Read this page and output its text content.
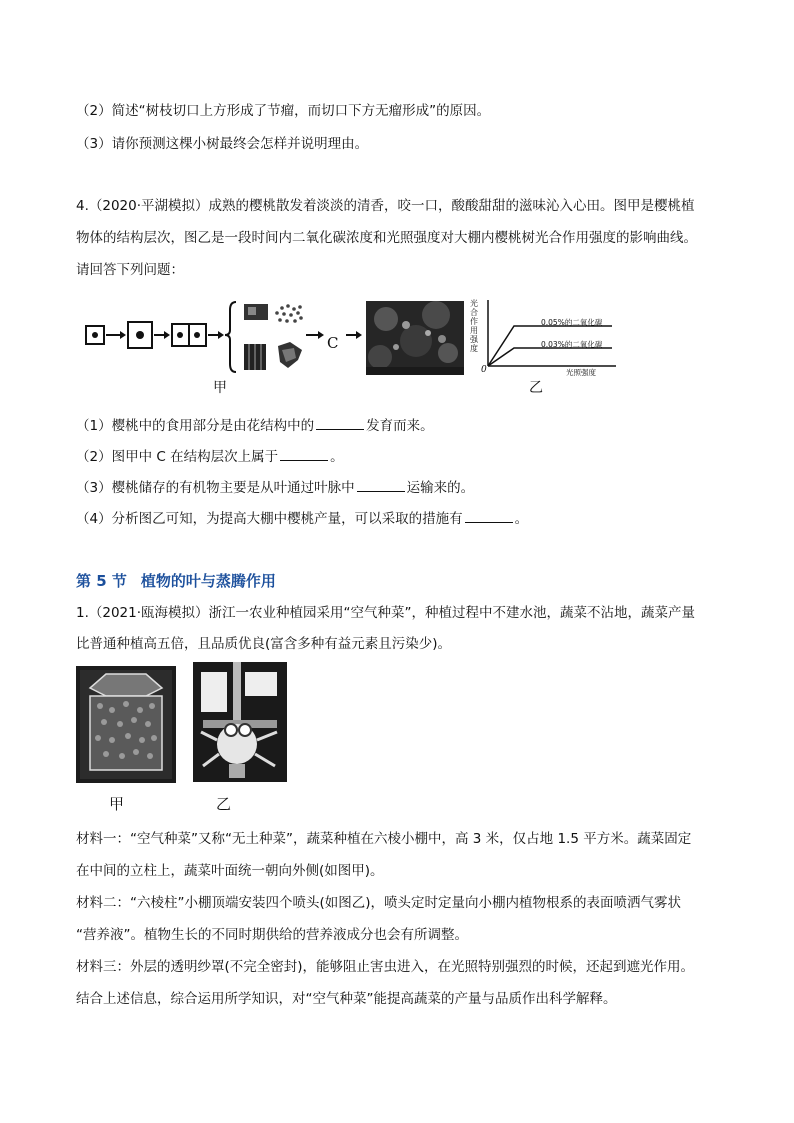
（2）简述“树枝切口上方形成了节瘤，而切口下方无瘤形成”的原因。
（3）请你预测这棵小树最终会怎样并说明理由。
4.（2020·平湖模拟）成熟的樱桃散发着淡淡的清香，咬一口，酸酸甜甜的滋味沁入心田。图甲是樱桃植
物体的结构层次，图乙是一段时间内二氧化碳浓度和光照强度对大棚内樱桃树光合作用强度的影响曲线。
请回答下列问题：
C
光合作用强度
0.05%的二氧化碳
0.03%的二氧化碳
0	光照强度
甲	乙
（1）樱桃中的食用部分是由花结构中的	发育而来。
（2）图甲中 C 在结构层次上属于	。
（3）樱桃储存的有机物主要是从叶通过叶脉中	运输来的。
（4）分析图乙可知，为提高大棚中樱桃产量，可以采取的措施有	。
第 5 节 植物的叶与蒸腾作用
1.（2021·瓯海模拟）浙江一农业种植园采用“空气种菜”，种植过程中不建水池，蔬菜不沾地，蔬菜产量
比普通种植高五倍，且品质优良(富含多种有益元素且污染少)。
甲	乙
材料一：“空气种菜”又称“无土种菜”，蔬菜种植在六棱小棚中，高 3 米，仅占地 1.5 平方米。蔬菜固定
在中间的立柱上，蔬菜叶面统一朝向外侧(如图甲)。
材料二：“六棱柱”小棚顶端安装四个喷头(如图乙)，喷头定时定量向小棚内植物根系的表面喷洒气雾状
“营养液”。植物生长的不同时期供给的营养液成分也会有所调整。
材料三：外层的透明纱罩(不完全密封)，能够阻止害虫进入，在光照特别强烈的时候，还起到遮光作用。
结合上述信息，综合运用所学知识，对“空气种菜”能提高蔬菜的产量与品质作出科学解释。
